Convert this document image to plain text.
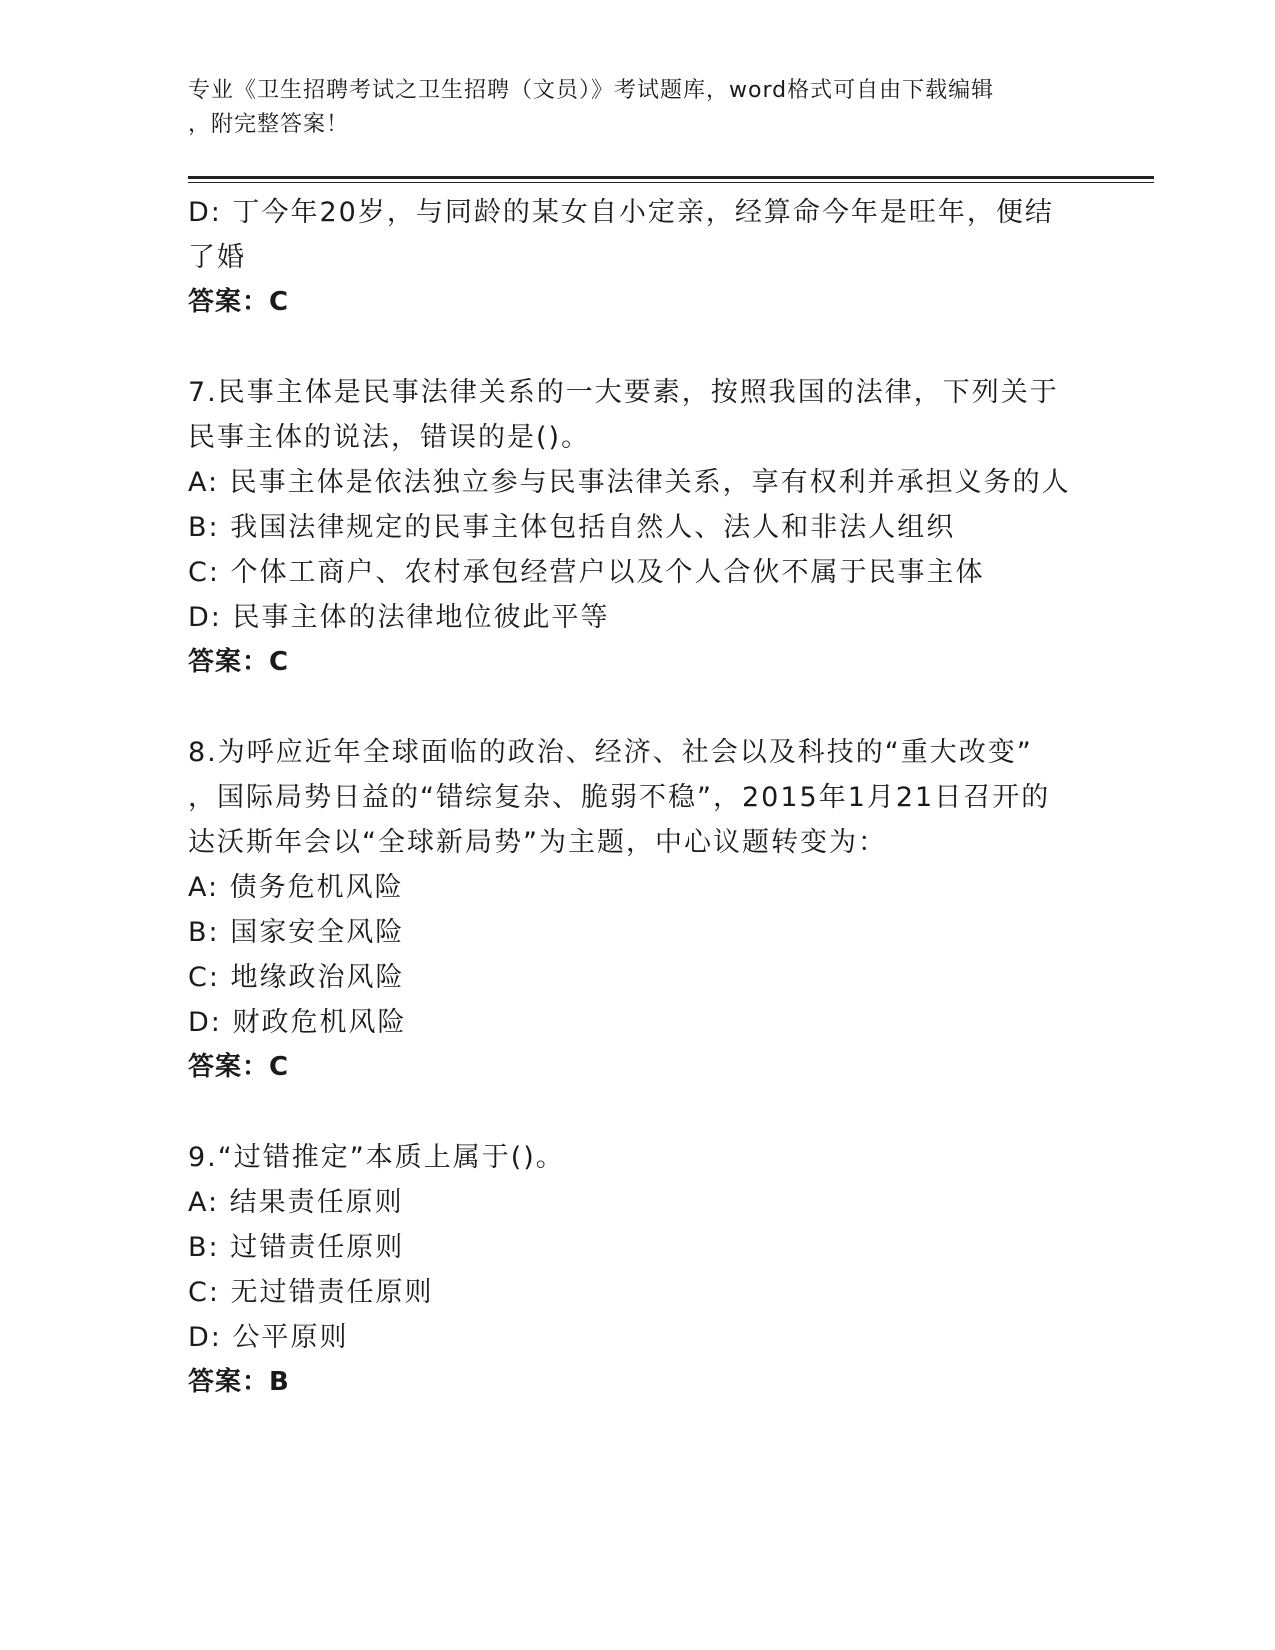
专业《卫生招聘考试之卫生招聘（文员）》考试题库，word格式可自由下载编辑
，附完整答案！
D: 丁今年20岁，与同龄的某女自小定亲，经算命今年是旺年，便结
了婚
答案：C
7.民事主体是民事法律关系的一大要素，按照我国的法律，下列关于
民事主体的说法，错误的是()。
A: 民事主体是依法独立参与民事法律关系，享有权利并承担义务的人
B: 我国法律规定的民事主体包括自然人、法人和非法人组织
C: 个体工商户、农村承包经营户以及个人合伙不属于民事主体
D: 民事主体的法律地位彼此平等
答案：C
8.为呼应近年全球面临的政治、经济、社会以及科技的“重大改变”
，国际局势日益的“错综复杂、脆弱不稳”，2015年1月21日召开的
达沃斯年会以“全球新局势”为主题，中心议题转变为：
A: 债务危机风险
B: 国家安全风险
C: 地缘政治风险
D: 财政危机风险
答案：C
9.“过错推定”本质上属于()。
A: 结果责任原则
B: 过错责任原则
C: 无过错责任原则
D: 公平原则
答案：B
